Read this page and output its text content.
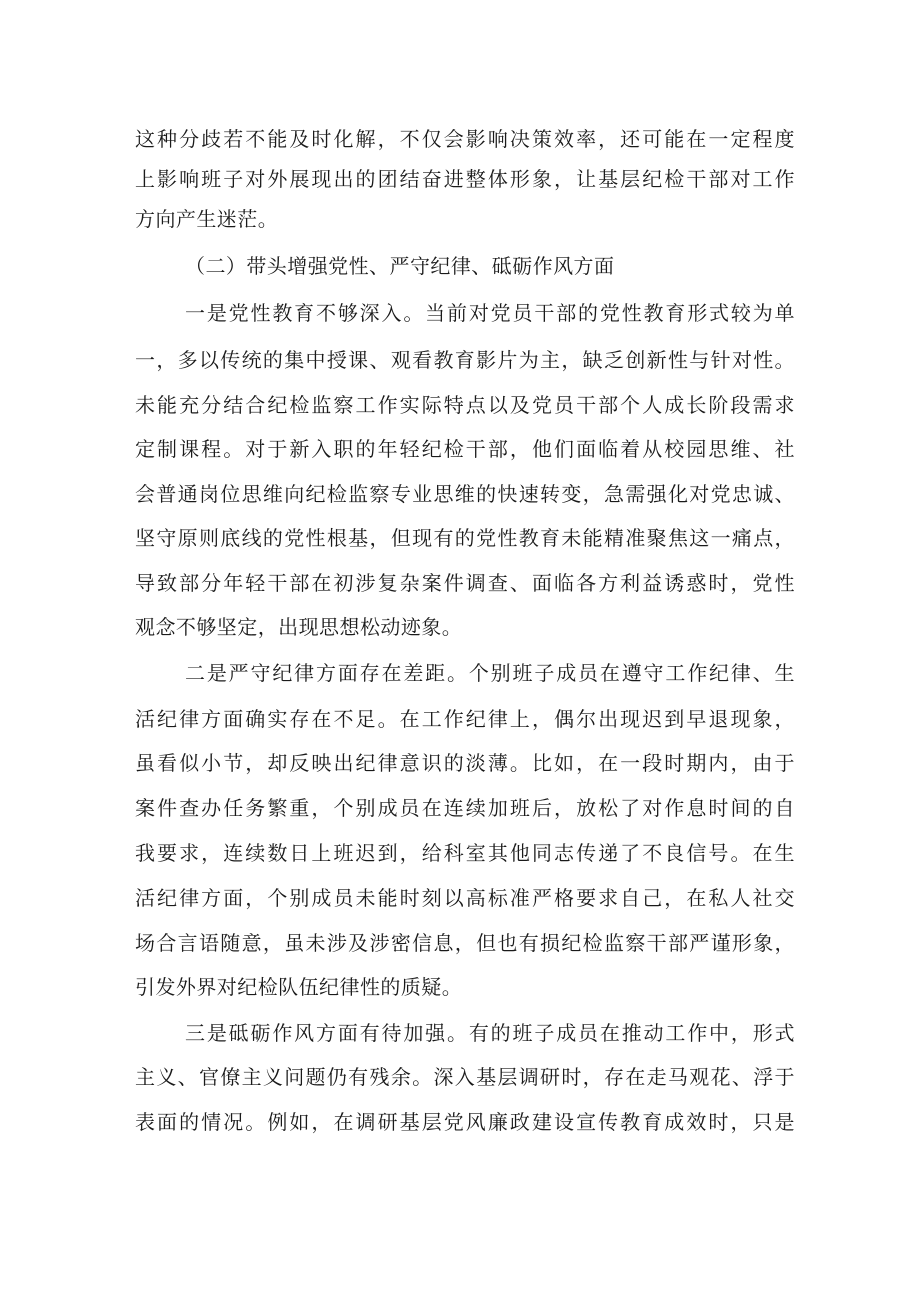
这种分歧若不能及时化解，不仅会影响决策效率，还可能在一定程度
上影响班子对外展现出的团结奋进整体形象，让基层纪检干部对工作
方向产生迷茫。
（二）带头增强党性、严守纪律、砥砺作风方面
一是党性教育不够深入。当前对党员干部的党性教育形式较为单
一，多以传统的集中授课、观看教育影片为主，缺乏创新性与针对性。
未能充分结合纪检监察工作实际特点以及党员干部个人成长阶段需求
定制课程。对于新入职的年轻纪检干部，他们面临着从校园思维、社
会普通岗位思维向纪检监察专业思维的快速转变，急需强化对党忠诚、
坚守原则底线的党性根基，但现有的党性教育未能精准聚焦这一痛点，
导致部分年轻干部在初涉复杂案件调查、面临各方利益诱惑时，党性
观念不够坚定，出现思想松动迹象。
二是严守纪律方面存在差距。个别班子成员在遵守工作纪律、生
活纪律方面确实存在不足。在工作纪律上，偶尔出现迟到早退现象，
虽看似小节，却反映出纪律意识的淡薄。比如，在一段时期内，由于
案件查办任务繁重，个别成员在连续加班后，放松了对作息时间的自
我要求，连续数日上班迟到，给科室其他同志传递了不良信号。在生
活纪律方面，个别成员未能时刻以高标准严格要求自己，在私人社交
场合言语随意，虽未涉及涉密信息，但也有损纪检监察干部严谨形象，
引发外界对纪检队伍纪律性的质疑。
三是砥砺作风方面有待加强。有的班子成员在推动工作中，形式
主义、官僚主义问题仍有残余。深入基层调研时，存在走马观花、浮于
表面的情况。例如，在调研基层党风廉政建设宣传教育成效时，只是
